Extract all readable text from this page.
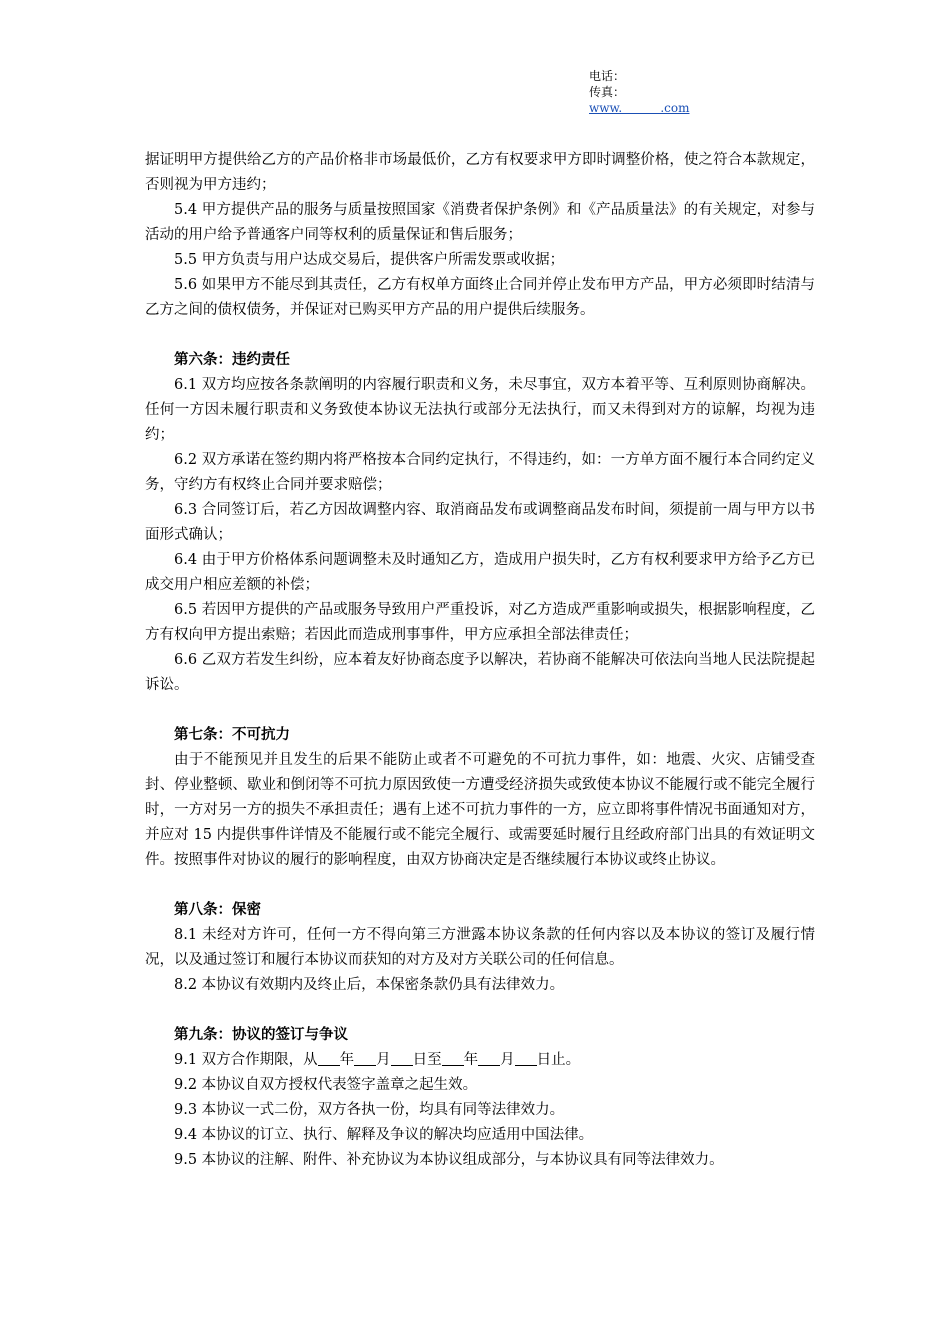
电话：
传真：
www.          .com

据证明甲方提供给乙方的产品价格非市场最低价，乙方有权要求甲方即时调整价格，使之符合本款规定，否则视为甲方违约；

5.4 甲方提供产品的服务与质量按照国家《消费者保护条例》和《产品质量法》的有关规定，对参与活动的用户给予普通客户同等权利的质量保证和售后服务；

5.5 甲方负责与用户达成交易后，提供客户所需发票或收据；

5.6 如果甲方不能尽到其责任，乙方有权单方面终止合同并停止发布甲方产品，甲方必须即时结清与乙方之间的债权债务，并保证对已购买甲方产品的用户提供后续服务。

第六条：违约责任

6.1 双方均应按各条款阐明的内容履行职责和义务，未尽事宜，双方本着平等、互利原则协商解决。任何一方因未履行职责和义务致使本协议无法执行或部分无法执行，而又未得到对方的谅解，均视为违约；

6.2 双方承诺在签约期内将严格按本合同约定执行，不得违约，如：一方单方面不履行本合同约定义务，守约方有权终止合同并要求赔偿；

6.3 合同签订后，若乙方因故调整内容、取消商品发布或调整商品发布时间，须提前一周与甲方以书面形式确认；

6.4 由于甲方价格体系问题调整未及时通知乙方，造成用户损失时，乙方有权利要求甲方给予乙方已成交用户相应差额的补偿；

6.5 若因甲方提供的产品或服务导致用户严重投诉，对乙方造成严重影响或损失，根据影响程度，乙方有权向甲方提出索赔；若因此而造成刑事事件，甲方应承担全部法律责任；

6.6 乙双方若发生纠纷，应本着友好协商态度予以解决，若协商不能解决可依法向当地人民法院提起诉讼。

第七条：不可抗力

由于不能预见并且发生的后果不能防止或者不可避免的不可抗力事件，如：地震、火灾、店铺受查封、停业整顿、歇业和倒闭等不可抗力原因致使一方遭受经济损失或致使本协议不能履行或不能完全履行时，一方对另一方的损失不承担责任；遇有上述不可抗力事件的一方，应立即将事件情况书面通知对方，并应对 15 内提供事件详情及不能履行或不能完全履行、或需要延时履行且经政府部门出具的有效证明文件。按照事件对协议的履行的影响程度，由双方协商决定是否继续履行本协议或终止协议。

第八条：保密

8.1 未经对方许可，任何一方不得向第三方泄露本协议条款的任何内容以及本协议的签订及履行情况，以及通过签订和履行本协议而获知的对方及对方关联公司的任何信息。

8.2 本协议有效期内及终止后，本保密条款仍具有法律效力。

第九条：协议的签订与争议

9.1 双方合作期限，从 年 月 日至 年 月 日止。

9.2 本协议自双方授权代表签字盖章之起生效。

9.3 本协议一式二份，双方各执一份，均具有同等法律效力。

9.4 本协议的订立、执行、解释及争议的解决均应适用中国法律。

9.5 本协议的注解、附件、补充协议为本协议组成部分，与本协议具有同等法律效力。
